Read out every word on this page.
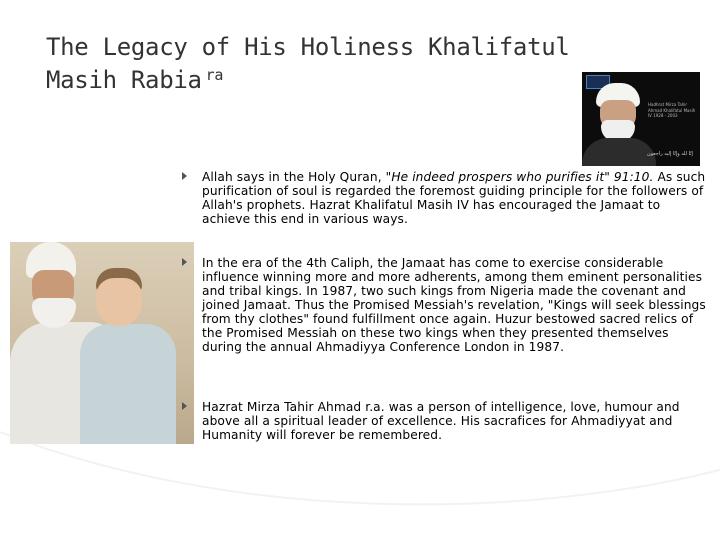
The Legacy of His Holiness Khalifatul Masih Rabia $^{ra}$
Hadhrat Mirza Tahir Ahmad Khalifatul Masih IV 1928 - 2003
إنّا لله وإنّا إليه راجعون
Allah says in the Holy Quran, "He indeed prospers who purifies it" 91:10. As such purification of soul is regarded the foremost guiding principle for the followers of Allah's prophets. Hazrat Khalifatul Masih IV has encouraged the Jamaat to achieve this end in various ways.
In the era of the 4th Caliph, the Jamaat has come to exercise considerable influence winning more and more adherents, among them eminent personalities and tribal kings. In 1987, two such kings from Nigeria made the covenant and joined Jamaat. Thus the Promised Messiah's revelation, "Kings will seek blessings from thy clothes" found fulfillment once again. Huzur bestowed sacred relics of the Promised Messiah on these two kings when they presented themselves during the annual Ahmadiyya Conference London in 1987.
Hazrat Mirza Tahir Ahmad r.a. was a person of intelligence, love, humour and above all a spiritual leader of excellence. His sacrafices for Ahmadiyyat and Humanity will forever be remembered.
